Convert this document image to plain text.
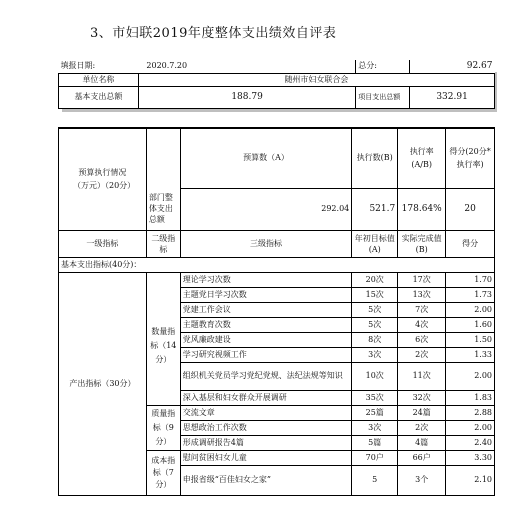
3、市妇联2019年度整体支出绩效自评表
填报日期:	2020.7.20	总分:	92.67
单位名称	随州市妇女联合会		
基本支出总额	188.79	项目支出总额	332.91
预算执行情况（万元）（20分）		预算数（A）	执行数(B)	执行率(A/B)	得分(20分*执行率)
	部门整体支出总额	292.04	521.7	178.64%	20
一级指标	二级指标	三级指标	年初目标值(A)	实际完成值(B)	得分
基本支出指标(40分)：					
产出指标（30分）		理论学习次数	20次	17次	1.70
	数量指标（14分）	主题党日学习次数	15次	13次	1.73
		党建工作会议	5次	7次	2.00
		主题教育次数	5次	4次	1.60
		党风廉政建设	8次	6次	1.50
		学习研究视频工作	3次	2次	1.33
		组织机关党员学习党纪党规、法纪法规等知识	10次	11次	2.00
		深入基层和妇女群众开展调研	35次	32次	1.83
	质量指标（9分）	交流文章	25篇	24篇	2.88
		思想政治工作次数	3次	2次	2.00
		形成调研报告4篇	5篇	4篇	2.40
	成本指标（7分）	慰问贫困妇女儿童	70户	66户	3.30
		申报省级“百佳妇女之家”	5	3个	2.10
